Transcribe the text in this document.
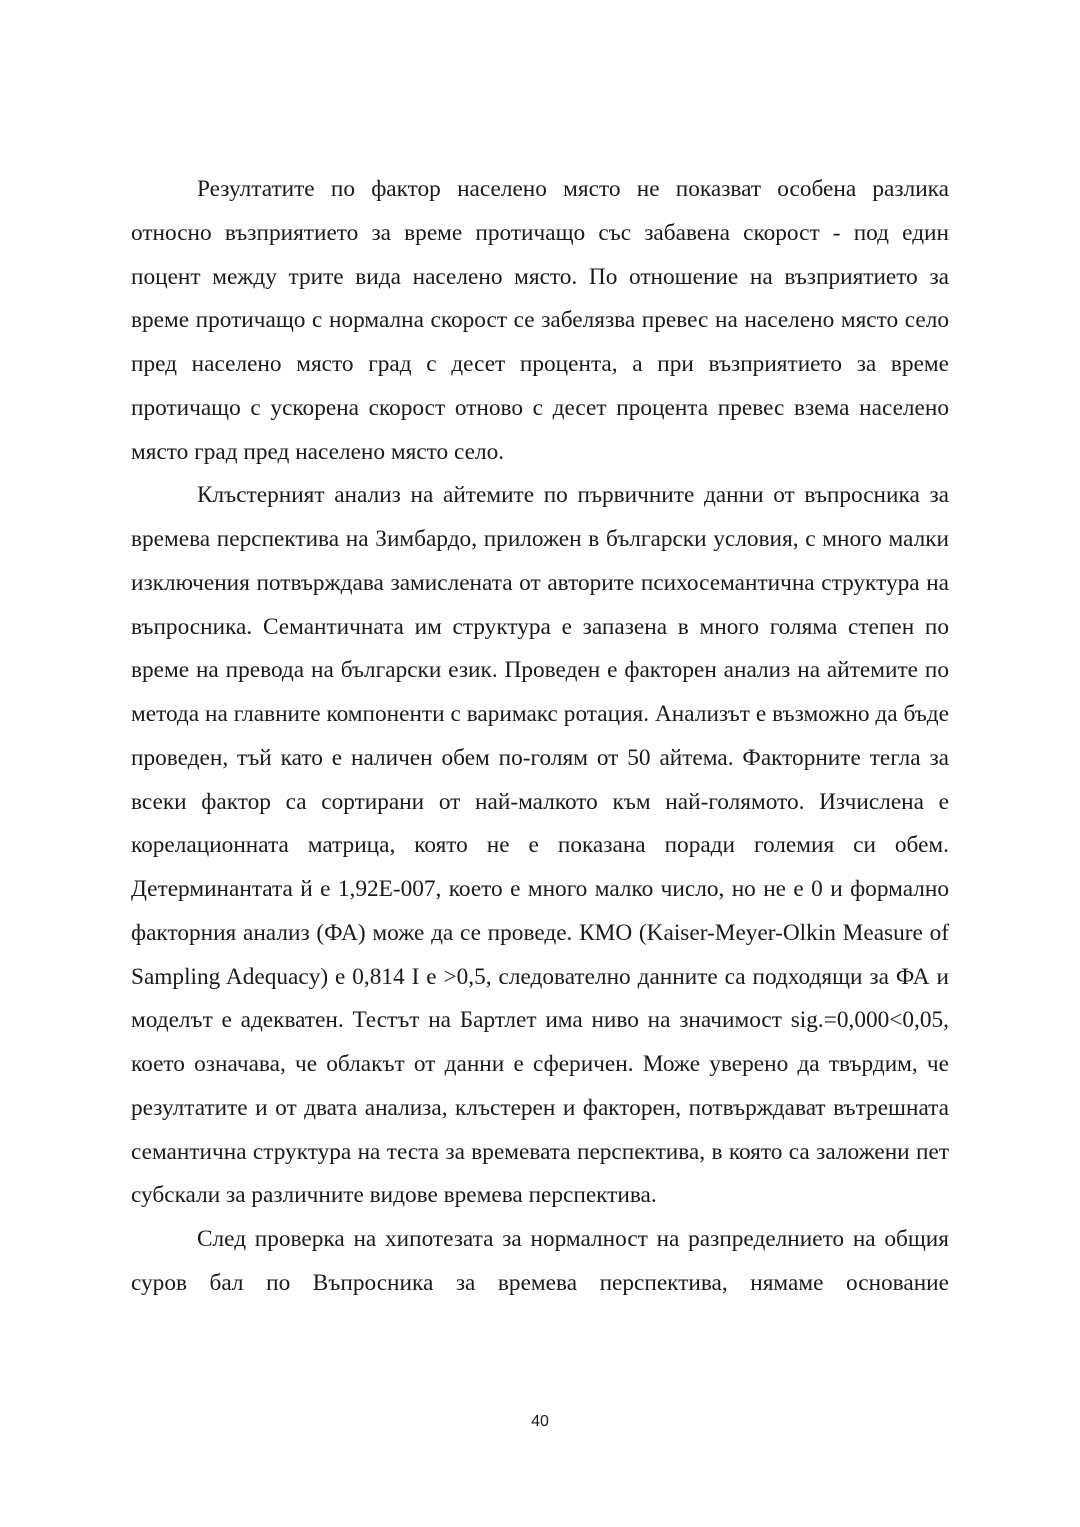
Резултатите по фактор населено място не показват особена разлика относно възприятието за време протичащо със забавена скорост - под един поцент между трите вида населено място. По отношение на възприятието за време протичащо с нормална скорост се забелязва превес на населено място село пред населено място град с десет процента, а при възприятието за време протичащо с ускорена скорост отново с десет процента превес взема населено място град пред населено място село.

Клъстерният анализ на айтемите по първичните данни от въпросника за времева перспектива на Зимбардо, приложен в български условия, с много малки изключения потвърждава замислената от авторите психосемантична структура на въпросника. Семантичната им структура е запазена в много голяма степен по време на превода на български език. Проведен е факторен анализ на айтемите по метода на главните компоненти с варимакс ротация. Анализът е възможно да бъде проведен, тъй като е наличен обем по-голям от 50 айтема. Факторните тегла за всеки фактор са сортирани от най-малкото към най-голямото. Изчислена е корелационната матрица, която не е показана поради големия си обем. Детерминантата й е 1,92Е-007, което е много малко число, но не е 0 и формално факторния анализ (ФА) може да се проведе. КМО (Kaiser-Meyer-Olkin Measure of Sampling Adequacy) е 0,814 I е >0,5, следователно данните са подходящи за ФА и моделът е адекватен. Тестът на Бартлет има ниво на значимост sig.=0,000<0,05, което означава, че облакът от данни е сферичен. Може уверено да твърдим, че резултатите и от двата анализа, клъстерен и факторен, потвърждават вътрешната семантична структура на теста за времевата перспектива, в която са заложени пет субскали за различните видове времева перспектива.

След проверка на хипотезата за нормалност на разпределнието на общия суров бал по Въпросника за времева перспектива, нямаме основание

40
